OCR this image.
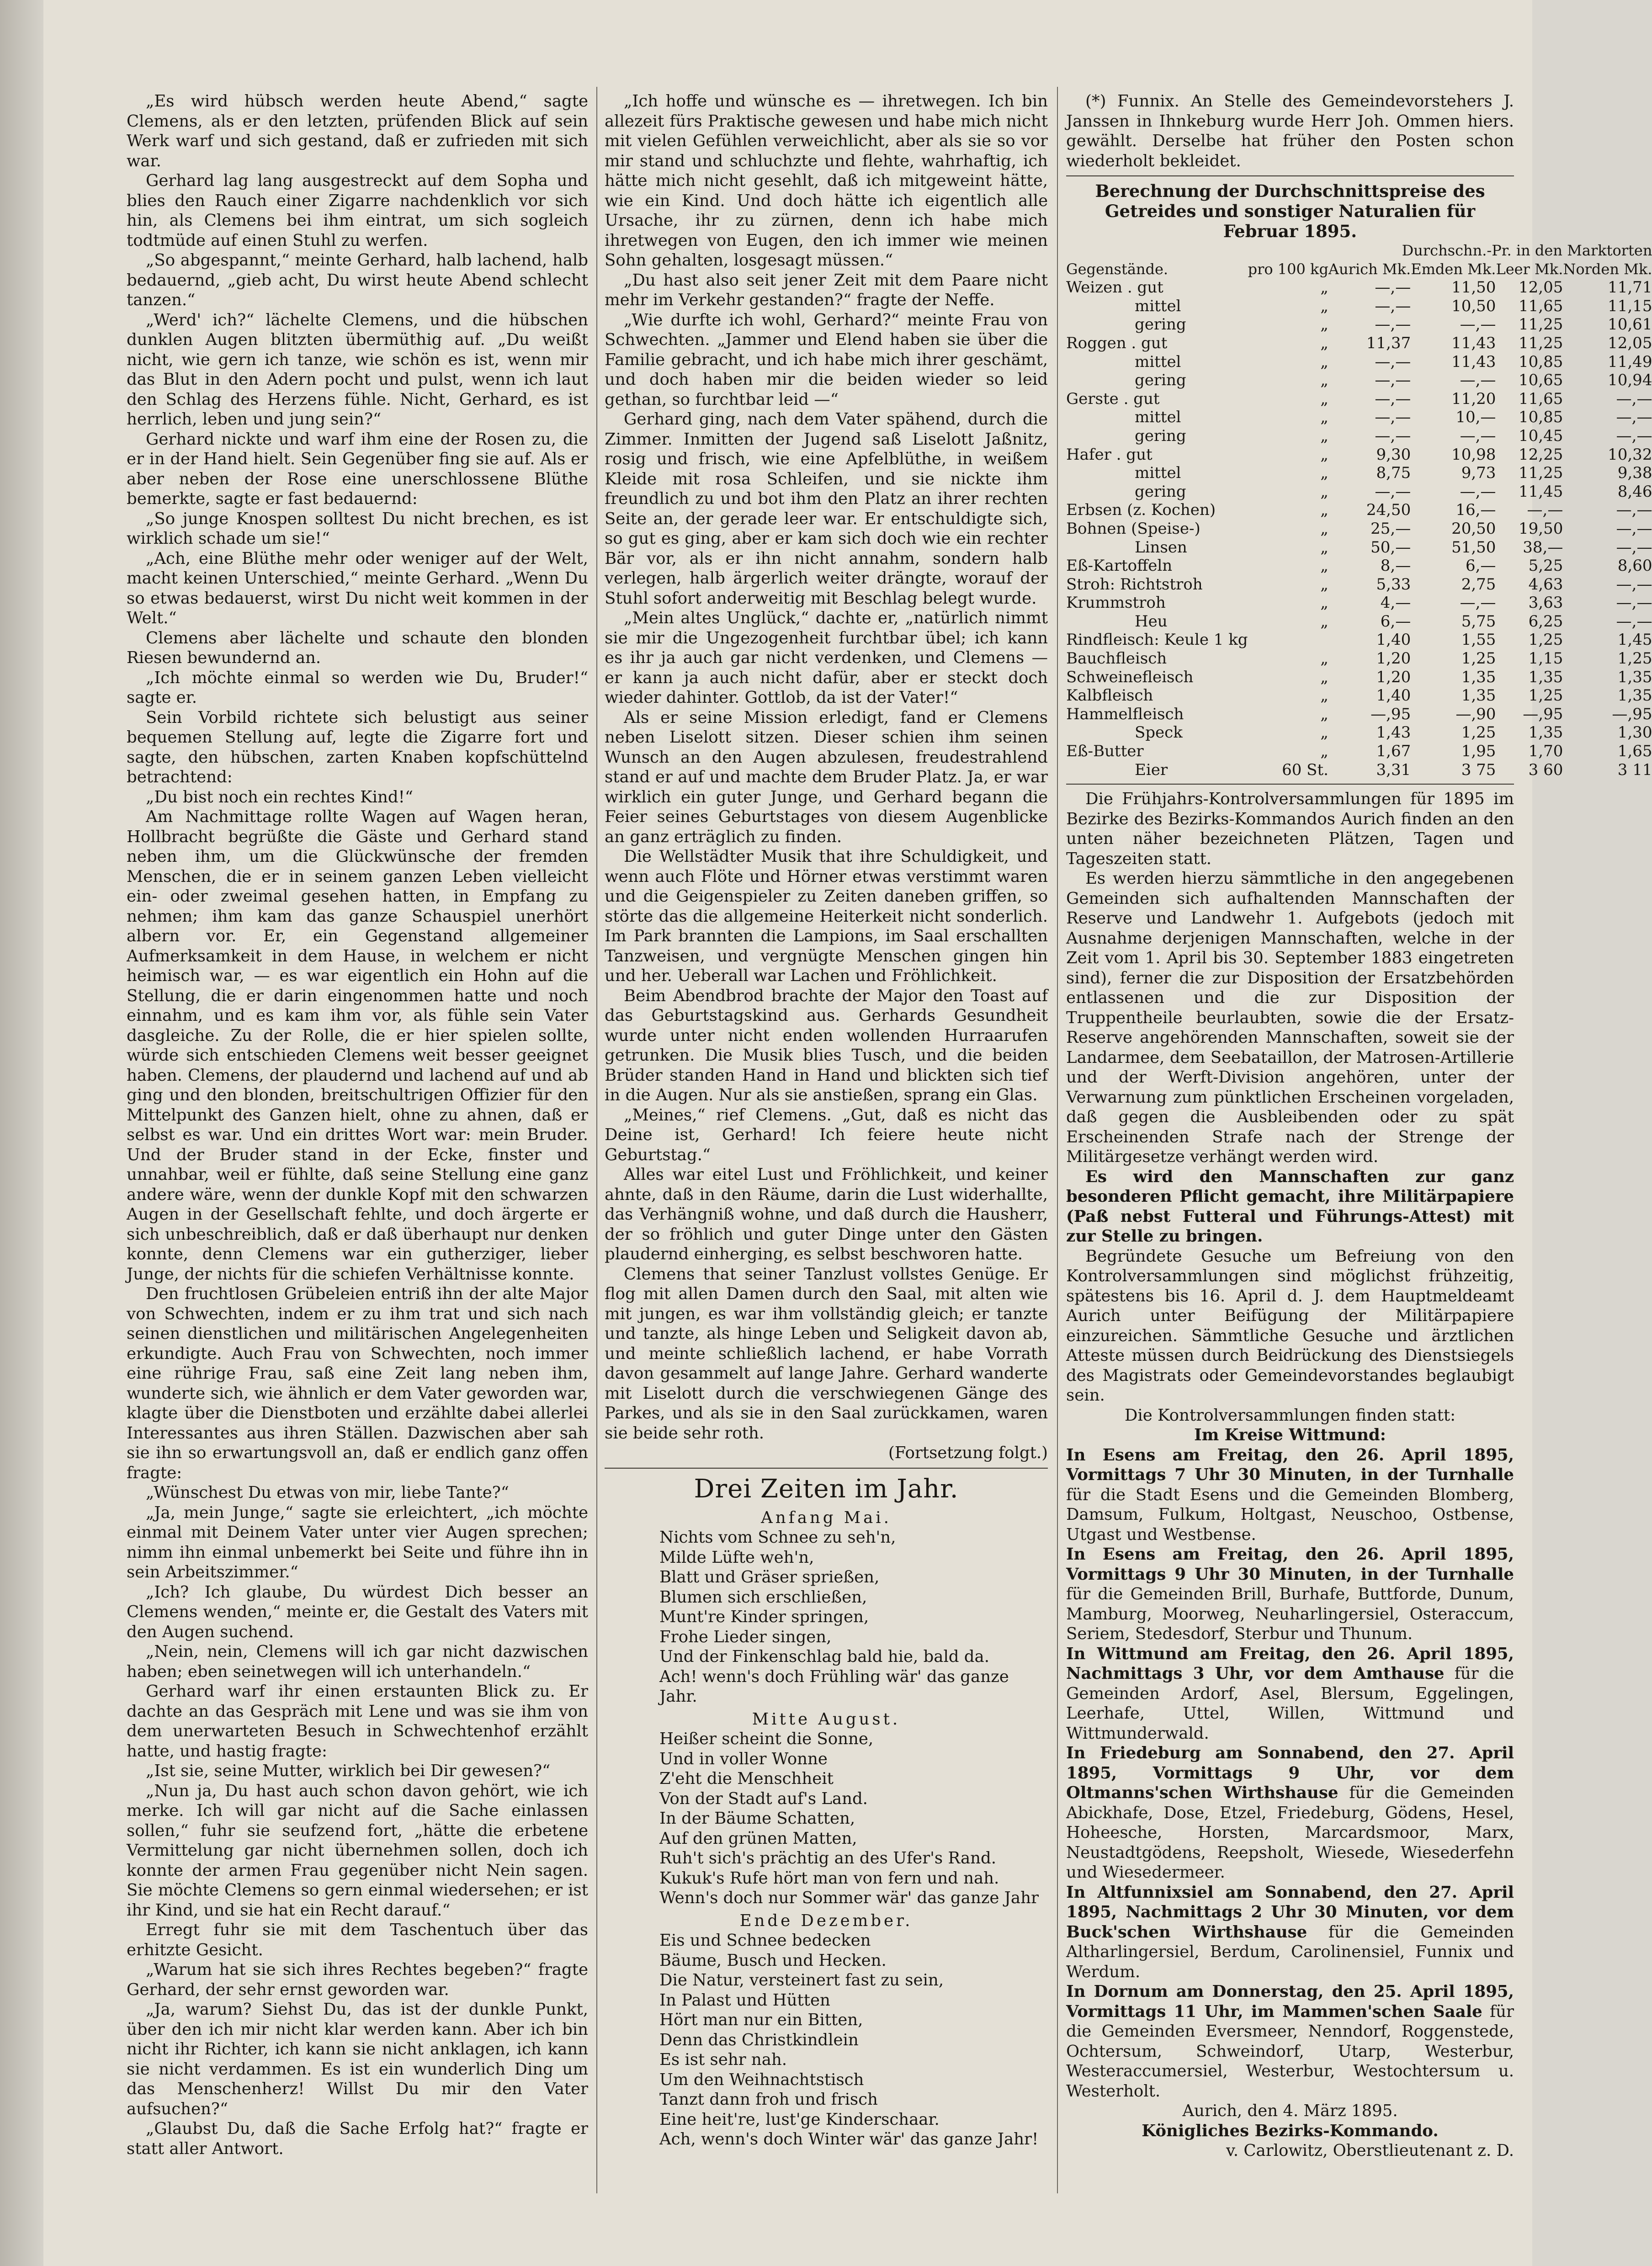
„Es wird hübsch werden heute Abend,“ sagte Clemens, als er den letzten, prüfenden Blick auf sein Werk warf und sich gestand, daß er zufrieden mit sich war.

Gerhard lag lang ausgestreckt auf dem Sopha und blies den Rauch einer Zigarre nachdenklich vor sich hin, als Clemens bei ihm eintrat, um sich sogleich todtmüde auf einen Stuhl zu werfen.

„So abgespannt,“ meinte Gerhard, halb lachend, halb bedauernd, „gieb acht, Du wirst heute Abend schlecht tanzen.“

„Werd' ich?“ lächelte Clemens, und die hübschen dunklen Augen blitzten übermüthig auf. „Du weißt nicht, wie gern ich tanze, wie schön es ist, wenn mir das Blut in den Adern pocht und pulst, wenn ich laut den Schlag des Herzens fühle. Nicht, Gerhard, es ist herrlich, leben und jung sein?“

Gerhard nickte und warf ihm eine der Rosen zu, die er in der Hand hielt. Sein Gegenüber fing sie auf. Als er aber neben der Rose eine unerschlossene Blüthe bemerkte, sagte er fast bedauernd:

„So junge Knospen solltest Du nicht brechen, es ist wirklich schade um sie!“

„Ach, eine Blüthe mehr oder weniger auf der Welt, macht keinen Unterschied,“ meinte Gerhard. „Wenn Du so etwas bedauerst, wirst Du nicht weit kommen in der Welt.“

Clemens aber lächelte und schaute den blonden Riesen bewundernd an.

„Ich möchte einmal so werden wie Du, Bruder!“ sagte er.

Sein Vorbild richtete sich belustigt aus seiner bequemen Stellung auf, legte die Zigarre fort und sagte, den hübschen, zarten Knaben kopfschüttelnd betrachtend:

„Du bist noch ein rechtes Kind!“

Am Nachmittage rollte Wagen auf Wagen heran, Hollbracht begrüßte die Gäste und Gerhard stand neben ihm, um die Glückwünsche der fremden Menschen, die er in seinem ganzen Leben vielleicht ein- oder zweimal gesehen hatten, in Empfang zu nehmen; ihm kam das ganze Schauspiel unerhört albern vor. Er, ein Gegenstand allgemeiner Aufmerksamkeit in dem Hause, in welchem er nicht heimisch war, — es war eigentlich ein Hohn auf die Stellung, die er darin eingenommen hatte und noch einnahm, und es kam ihm vor, als fühle sein Vater dasgleiche. Zu der Rolle, die er hier spielen sollte, würde sich entschieden Clemens weit besser geeignet haben. Clemens, der plaudernd und lachend auf und ab ging und den blonden, breitschultrigen Offizier für den Mittelpunkt des Ganzen hielt, ohne zu ahnen, daß er selbst es war. Und ein drittes Wort war: mein Bruder. Und der Bruder stand in der Ecke, finster und unnahbar, weil er fühlte, daß seine Stellung eine ganz andere wäre, wenn der dunkle Kopf mit den schwarzen Augen in der Gesellschaft fehlte, und doch ärgerte er sich unbeschreiblich, daß er daß überhaupt nur denken konnte, denn Clemens war ein gutherziger, lieber Junge, der nichts für die schiefen Verhältnisse konnte.

Den fruchtlosen Grübeleien entriß ihn der alte Major von Schwechten, indem er zu ihm trat und sich nach seinen dienstlichen und militärischen Angelegenheiten erkundigte. Auch Frau von Schwechten, noch immer eine rührige Frau, saß eine Zeit lang neben ihm, wunderte sich, wie ähnlich er dem Vater geworden war, klagte über die Dienstboten und erzählte dabei allerlei Interessantes aus ihren Ställen. Dazwischen aber sah sie ihn so erwartungsvoll an, daß er endlich ganz offen fragte:

„Wünschest Du etwas von mir, liebe Tante?“

„Ja, mein Junge,“ sagte sie erleichtert, „ich möchte einmal mit Deinem Vater unter vier Augen sprechen; nimm ihn einmal unbemerkt bei Seite und führe ihn in sein Arbeitszimmer.“

„Ich? Ich glaube, Du würdest Dich besser an Clemens wenden,“ meinte er, die Gestalt des Vaters mit den Augen suchend.

„Nein, nein, Clemens will ich gar nicht dazwischen haben; eben seinetwegen will ich unterhandeln.“

Gerhard warf ihr einen erstaunten Blick zu. Er dachte an das Gespräch mit Lene und was sie ihm von dem unerwarteten Besuch in Schwechtenhof erzählt hatte, und hastig fragte:

„Ist sie, seine Mutter, wirklich bei Dir gewesen?“

„Nun ja, Du hast auch schon davon gehört, wie ich merke. Ich will gar nicht auf die Sache einlassen sollen,“ fuhr sie seufzend fort, „hätte die erbetene Vermittelung gar nicht übernehmen sollen, doch ich konnte der armen Frau gegenüber nicht Nein sagen. Sie möchte Clemens so gern einmal wiedersehen; er ist ihr Kind, und sie hat ein Recht darauf.“

Erregt fuhr sie mit dem Taschentuch über das erhitzte Gesicht.

„Warum hat sie sich ihres Rechtes begeben?“ fragte Gerhard, der sehr ernst geworden war.

„Ja, warum? Siehst Du, das ist der dunkle Punkt, über den ich mir nicht klar werden kann. Aber ich bin nicht ihr Richter, ich kann sie nicht anklagen, ich kann sie nicht verdammen. Es ist ein wunderlich Ding um das Menschenherz! Willst Du mir den Vater aufsuchen?“

„Glaubst Du, daß die Sache Erfolg hat?“ fragte er statt aller Antwort.

„Ich hoffe und wünsche es — ihretwegen. Ich bin allezeit fürs Praktische gewesen und habe mich nicht mit vielen Gefühlen verweichlicht, aber als sie so vor mir stand und schluchzte und flehte, wahrhaftig, ich hätte mich nicht gesehlt, daß ich mitgeweint hätte, wie ein Kind. Und doch hätte ich eigentlich alle Ursache, ihr zu zürnen, denn ich habe mich ihretwegen von Eugen, den ich immer wie meinen Sohn gehalten, losgesagt müssen.“

„Du hast also seit jener Zeit mit dem Paare nicht mehr im Verkehr gestanden?“ fragte der Neffe.

„Wie durfte ich wohl, Gerhard?“ meinte Frau von Schwechten. „Jammer und Elend haben sie über die Familie gebracht, und ich habe mich ihrer geschämt, und doch haben mir die beiden wieder so leid gethan, so furchtbar leid —“

Gerhard ging, nach dem Vater spähend, durch die Zimmer. Inmitten der Jugend saß Liselott Jaßnitz, rosig und frisch, wie eine Apfelblüthe, in weißem Kleide mit rosa Schleifen, und sie nickte ihm freundlich zu und bot ihm den Platz an ihrer rechten Seite an, der gerade leer war. Er entschuldigte sich, so gut es ging, aber er kam sich doch wie ein rechter Bär vor, als er ihn nicht annahm, sondern halb verlegen, halb ärgerlich weiter drängte, worauf der Stuhl sofort anderweitig mit Beschlag belegt wurde.

„Mein altes Unglück,“ dachte er, „natürlich nimmt sie mir die Ungezogenheit furchtbar übel; ich kann es ihr ja auch gar nicht verdenken, und Clemens — er kann ja auch nicht dafür, aber er steckt doch wieder dahinter. Gottlob, da ist der Vater!“

Als er seine Mission erledigt, fand er Clemens neben Liselott sitzen. Dieser schien ihm seinen Wunsch an den Augen abzulesen, freudestrahlend stand er auf und machte dem Bruder Platz. Ja, er war wirklich ein guter Junge, und Gerhard begann die Feier seines Geburtstages von diesem Augenblicke an ganz erträglich zu finden.

Die Wellstädter Musik that ihre Schuldigkeit, und wenn auch Flöte und Hörner etwas verstimmt waren und die Geigenspieler zu Zeiten daneben griffen, so störte das die allgemeine Heiterkeit nicht sonderlich. Im Park brannten die Lampions, im Saal erschallten Tanzweisen, und vergnügte Menschen gingen hin und her. Ueberall war Lachen und Fröhlichkeit.

Beim Abendbrod brachte der Major den Toast auf das Geburtstagskind aus. Gerhards Gesundheit wurde unter nicht enden wollenden Hurraarufen getrunken. Die Musik blies Tusch, und die beiden Brüder standen Hand in Hand und blickten sich tief in die Augen. Nur als sie anstießen, sprang ein Glas.

„Meines,“ rief Clemens. „Gut, daß es nicht das Deine ist, Gerhard! Ich feiere heute nicht Geburtstag.“

Alles war eitel Lust und Fröhlichkeit, und keiner ahnte, daß in den Räume, darin die Lust widerhallte, das Verhängniß wohne, und daß durch die Hausherr, der so fröhlich und guter Dinge unter den Gästen plaudernd einherging, es selbst beschworen hatte.

Clemens that seiner Tanzlust vollstes Genüge. Er flog mit allen Damen durch den Saal, mit alten wie mit jungen, es war ihm vollständig gleich; er tanzte und tanzte, als hinge Leben und Seligkeit davon ab, und meinte schließlich lachend, er habe Vorrath davon gesammelt auf lange Jahre. Gerhard wanderte mit Liselott durch die verschwiegenen Gänge des Parkes, und als sie in den Saal zurückkamen, waren sie beide sehr roth.

(Fortsetzung folgt.)

Drei Zeiten im Jahr.
Anfang Mai.
Nichts vom Schnee zu seh'n,
Milde Lüfte weh'n,
Blatt und Gräser sprießen,
Blumen sich erschließen,
Munt're Kinder springen,
Frohe Lieder singen,
Und der Finkenschlag bald hie, bald da.
Ach! wenn's doch Frühling wär' das ganze Jahr.
Mitte August.
Heißer scheint die Sonne,
Und in voller Wonne
Z'eht die Menschheit
Von der Stadt auf's Land.
In der Bäume Schatten,
Auf den grünen Matten,
Ruh't sich's prächtig an des Ufer's Rand.
Kukuk's Rufe hört man von fern und nah.
Wenn's doch nur Sommer wär' das ganze Jahr
Ende Dezember.
Eis und Schnee bedecken
Bäume, Busch und Hecken.
Die Natur, versteinert fast zu sein,
In Palast und Hütten
Hört man nur ein Bitten,
Denn das Christkindlein
Es ist sehr nah.
Um den Weihnachtstisch
Tanzt dann froh und frisch
Eine heit're, lust'ge Kinderschaar.
Ach, wenn's doch Winter wär' das ganze Jahr!

(*) Funnix. An Stelle des Gemeindevorstehers J. Janssen in Ihnkeburg wurde Herr Joh. Ommen hiers. gewählt. Derselbe hat früher den Posten schon wiederholt bekleidet.

Berechnung der Durchschnittspreise des Getreides und sonstiger Naturalien für Februar 1895.
		Durchschn.-Pr. in den Marktorten			
Gegenstände.	pro 100 kg	Aurich Mk.	Emden Mk.	Leer Mk.	Norden Mk.
Weizen . gut	„	—,—	11,50	12,05	11,71
mittel	„	—,—	10,50	11,65	11,15
gering	„	—,—	—,—	11,25	10,61
Roggen . gut	„	11,37	11,43	11,25	12,05
mittel	„	—,—	11,43	10,85	11,49
gering	„	—,—	—,—	10,65	10,94
Gerste . gut	„	—,—	11,20	11,65	—,—
mittel	„	—,—	10,—	10,85	—,—
gering	„	—,—	—,—	10,45	—,—
Hafer . gut	„	9,30	10,98	12,25	10,32
mittel	„	8,75	9,73	11,25	9,38
gering	„	—,—	—,—	11,45	8,46
Erbsen (z. Kochen)	„	24,50	16,—	—,—	—,—
Bohnen (Speise-)	„	25,—	20,50	19,50	—,—
Linsen	„	50,—	51,50	38,—	—,—
Eß-Kartoffeln	„	8,—	6,—	5,25	8,60
Stroh: Richtstroh	„	5,33	2,75	4,63	—,—
Krummstroh	„	4,—	—,—	3,63	—,—
Heu	„	6,—	5,75	6,25	—,—
Rindfleisch: Keule 1 kg		1,40	1,55	1,25	1,45
Bauchfleisch	„	1,20	1,25	1,15	1,25
Schweinefleisch	„	1,20	1,35	1,35	1,35
Kalbfleisch	„	1,40	1,35	1,25	1,35
Hammelfleisch	„	—,95	—,90	—,95	—,95
Speck	„	1,43	1,25	1,35	1,30
Eß-Butter	„	1,67	1,95	1,70	1,65
Eier	60 St.	3,31	3 75	3 60	3 11

Die Frühjahrs-Kontrolversammlungen für 1895 im Bezirke des Bezirks-Kommandos Aurich finden an den unten näher bezeichneten Plätzen, Tagen und Tageszeiten statt.

Es werden hierzu sämmtliche in den angegebenen Gemeinden sich aufhaltenden Mannschaften der Reserve und Landwehr 1. Aufgebots (jedoch mit Ausnahme derjenigen Mannschaften, welche in der Zeit vom 1. April bis 30. September 1883 eingetreten sind), ferner die zur Disposition der Ersatzbehörden entlassenen und die zur Disposition der Truppentheile beurlaubten, sowie die der Ersatz-Reserve angehörenden Mannschaften, soweit sie der Landarmee, dem Seebataillon, der Matrosen-Artillerie und der Werft-Division angehören, unter der Verwarnung zum pünktlichen Erscheinen vorgeladen, daß gegen die Ausbleibenden oder zu spät Erscheinenden Strafe nach der Strenge der Militärgesetze verhängt werden wird.

Es wird den Mannschaften zur ganz besonderen Pflicht gemacht, ihre Militärpapiere (Paß nebst Futteral und Führungs-Attest) mit zur Stelle zu bringen.

Begründete Gesuche um Befreiung von den Kontrolversammlungen sind möglichst frühzeitig, spätestens bis 16. April d. J. dem Hauptmeldeamt Aurich unter Beifügung der Militärpapiere einzureichen. Sämmtliche Gesuche und ärztlichen Atteste müssen durch Beidrückung des Dienstsiegels des Magistrats oder Gemeindevorstandes beglaubigt sein.

Die Kontrolversammlungen finden statt:

Im Kreise Wittmund:

In Esens am Freitag, den 26. April 1895, Vormittags 7 Uhr 30 Minuten, in der Turnhalle für die Stadt Esens und die Gemeinden Blomberg, Damsum, Fulkum, Holtgast, Neuschoo, Ostbense, Utgast und Westbense.

In Esens am Freitag, den 26. April 1895, Vormittags 9 Uhr 30 Minuten, in der Turnhalle für die Gemeinden Brill, Burhafe, Buttforde, Dunum, Mamburg, Moorweg, Neuharlingersiel, Osteraccum, Seriem, Stedesdorf, Sterbur und Thunum.

In Wittmund am Freitag, den 26. April 1895, Nachmittags 3 Uhr, vor dem Amthause für die Gemeinden Ardorf, Asel, Blersum, Eggelingen, Leerhafe, Uttel, Willen, Wittmund und Wittmunderwald.

In Friedeburg am Sonnabend, den 27. April 1895, Vormittags 9 Uhr, vor dem Oltmanns'schen Wirthshause für die Gemeinden Abickhafe, Dose, Etzel, Friedeburg, Gödens, Hesel, Hoheesche, Horsten, Marcardsmoor, Marx, Neustadtgödens, Reepsholt, Wiesede, Wiesederfehn und Wiesedermeer.

In Altfunnixsiel am Sonnabend, den 27. April 1895, Nachmittags 2 Uhr 30 Minuten, vor dem Buck'schen Wirthshause für die Gemeinden Altharlingersiel, Berdum, Carolinensiel, Funnix und Werdum.

In Dornum am Donnerstag, den 25. April 1895, Vormittags 11 Uhr, im Mammen'schen Saale für die Gemeinden Eversmeer, Nenndorf, Roggenstede, Ochtersum, Schweindorf, Utarp, Westerbur, Westeraccumersiel, Westerbur, Westochtersum u. Westerholt.

Aurich, den 4. März 1895.

Königliches Bezirks-Kommando.

v. Carlowitz, Oberstlieutenant z. D.
